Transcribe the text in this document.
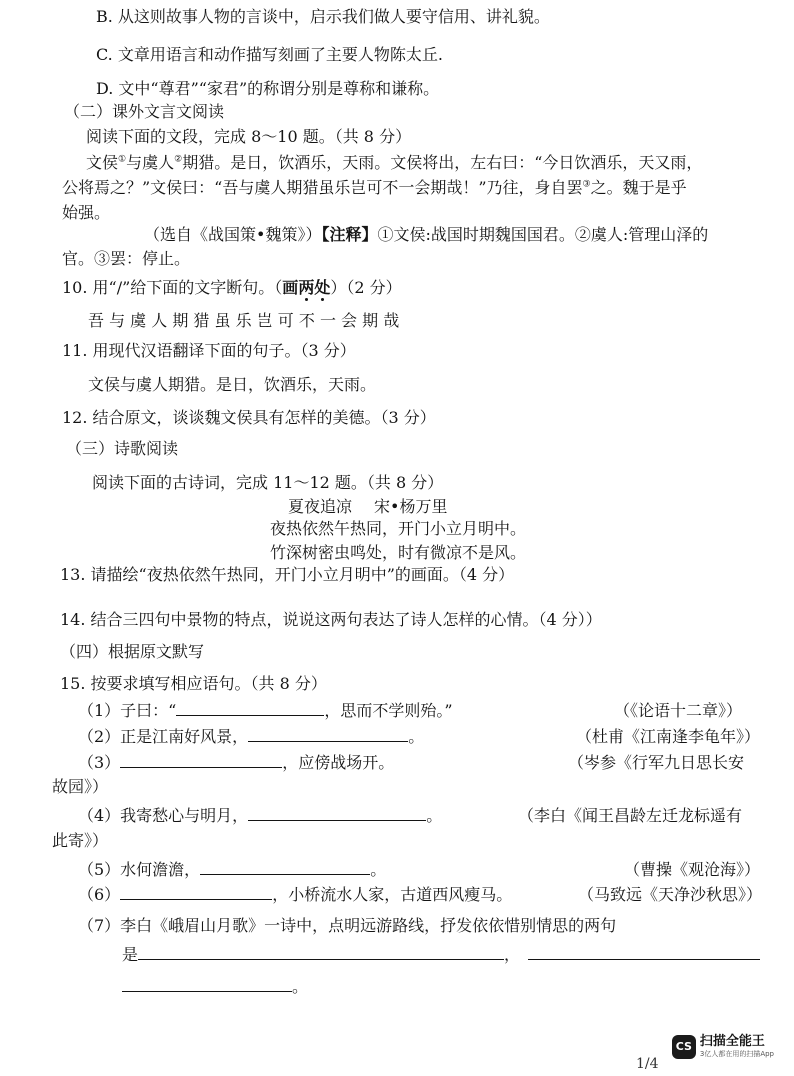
B. 从这则故事人物的言谈中，启示我们做人要守信用、讲礼貌。
C. 文章用语言和动作描写刻画了主要人物陈太丘.
D. 文中“尊君”“家君”的称谓分别是尊称和谦称。
（二）课外文言文阅读
阅读下面的文段，完成 8～10 题。（共 8 分）
文侯①与虞人②期猎。是日，饮酒乐，天雨。文侯将出，左右曰：“今日饮酒乐，天又雨，
公将焉之？”文侯曰：“吾与虞人期猎虽乐岂可不一会期哉！”乃往，身自罢③之。魏于是乎
始强。
（选自《战国策•魏策》）【注释】①文侯:战国时期魏国国君。②虞人:管理山泽的
官。③罢：停止。
10. 用“/”给下面的文字断句。（画两处）（2 分）
吾 与 虞 人 期 猎 虽 乐 岂 可 不 一 会 期 哉
11. 用现代汉语翻译下面的句子。（3 分）
文侯与虞人期猎。是日，饮酒乐，天雨。
12. 结合原文，谈谈魏文侯具有怎样的美德。（3 分）
（三）诗歌阅读
阅读下面的古诗词，完成 11～12 题。（共 8 分）
夏夜追凉 宋•杨万里
夜热依然午热同，开门小立月明中。
竹深树密虫鸣处，时有微凉不是风。
13. 请描绘“夜热依然午热同，开门小立月明中”的画面。（4 分）
14. 结合三四句中景物的特点，说说这两句表达了诗人怎样的心情。（4 分））
（四）根据原文默写
15. 按要求填写相应语句。（共 8 分）
（1）子曰：“	，思而不学则殆。”	（《论语十二章》）
（2）正是江南好风景，	。	（杜甫《江南逢李龟年》）
（3）	，应傍战场开。	（岑参《行军九日思长安
故园》）
（4）我寄愁心与明月，	。	（李白《闻王昌龄左迁龙标遥有
此寄》）
（5）水何澹澹，	。	（曹操《观沧海》）
（6）	，小桥流水人家，古道西风瘦马。	（马致远《天净沙秋思》）
（7）李白《峨眉山月歌》一诗中，点明远游路线，抒发依依惜别情思的两句
是	，
。
CS 扫描全能王
3亿人都在用的扫描App
1/4
